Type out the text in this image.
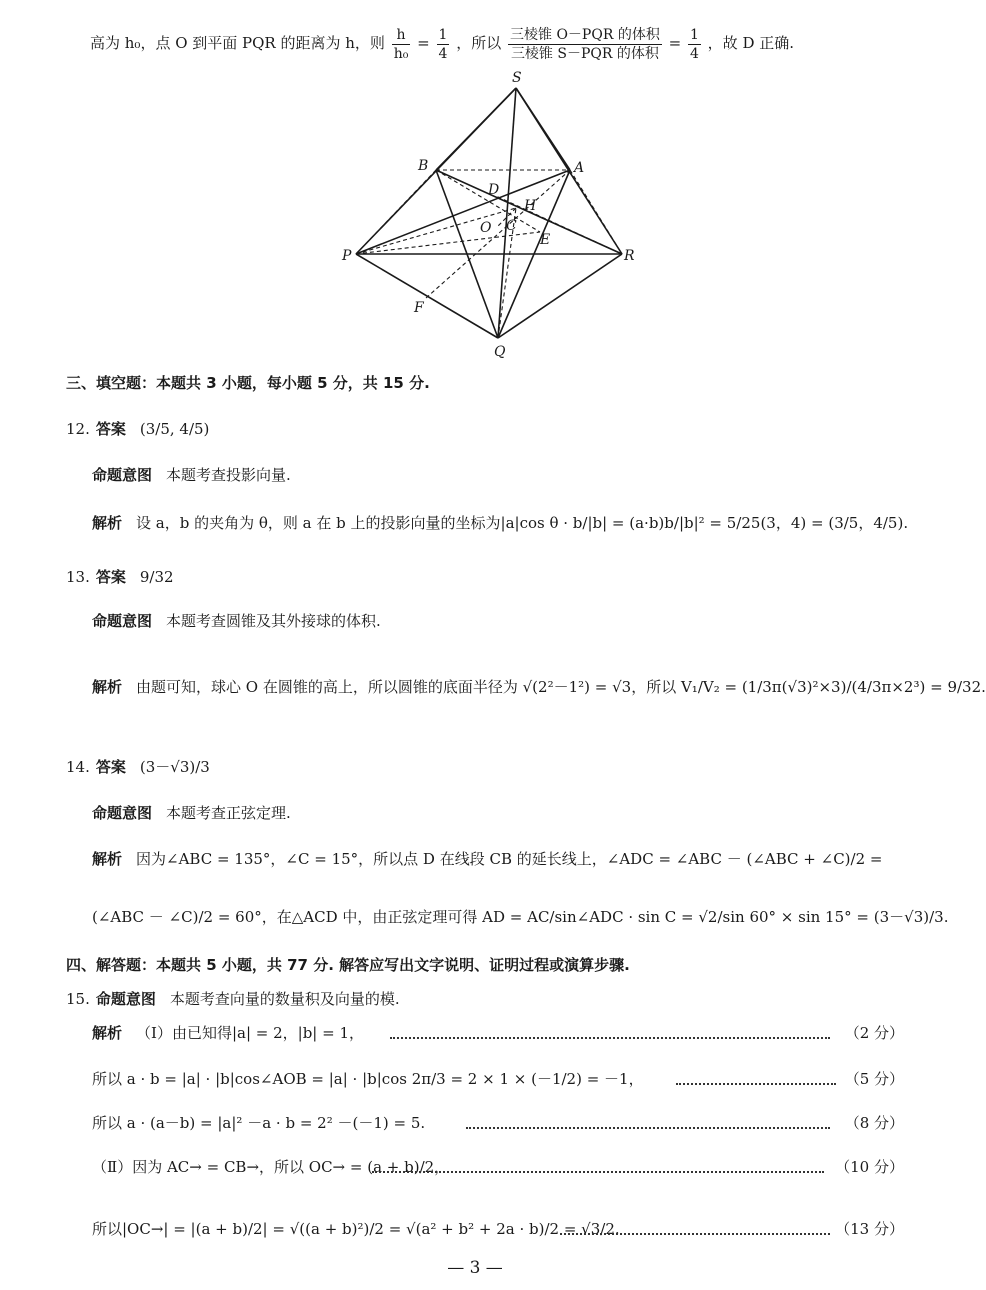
高为 h₀，点 O 到平面 PQR 的距离为 h，则 $\frac{h}{\text{h₀}} = \frac{1}{4}$ ，所以 $\frac{\text{三棱锥 O－PQR 的体积}}{\text{三棱锥 S－PQR 的体积}} = \frac{1}{4}$ ，故 D 正确.
S
B	A
D
H
O C
E
P	R
F
Q
三、填空题：本题共 3 小题，每小题 5 分，共 15 分.
12. 答案 (3/5, 4/5)
命题意图 本题考查投影向量.
解析 设 a，b 的夹角为 θ，则 a 在 b 上的投影向量的坐标为|a|cos θ · b/|b| = (a·b)b/|b|² = 5/25(3，4) = (3/5，4/5).
13. 答案 9/32
命题意图 本题考查圆锥及其外接球的体积.
解析 由题可知，球心 O 在圆锥的高上，所以圆锥的底面半径为 √(2²－1²) = √3，所以 V₁/V₂ = (1/3π(√3)²×3)/(4/3π×2³) = 9/32.
14. 答案 (3－√3)/3
命题意图 本题考查正弦定理.
解析 因为∠ABC = 135°，∠C = 15°，所以点 D 在线段 CB 的延长线上，∠ADC = ∠ABC － (∠ABC + ∠C)/2 =
(∠ABC － ∠C)/2 = 60°，在△ACD 中，由正弦定理可得 AD = AC/sin∠ADC · sin C = √2/sin 60° × sin 15° = (3－√3)/3.
四、解答题：本题共 5 小题，共 77 分. 解答应写出文字说明、证明过程或演算步骤.
15. 命题意图 本题考查向量的数量积及向量的模.
解析 （Ⅰ）由已知得|a| = 2，|b| = 1，	（2 分）
所以 a · b = |a| · |b|cos∠AOB = |a| · |b|cos 2π/3 = 2 × 1 × (－1/2) = －1，	（5 分）
所以 a · (a－b) = |a|² －a · b = 2² －(－1) = 5.	（8 分）
（Ⅱ）因为 AC→ = CB→，所以 OC→ = (a + b)/2，	（10 分）
所以|OC→| = |(a + b)/2| = √((a + b)²)/2 = √(a² + b² + 2a · b)/2 = √3/2.	（13 分）
— 3 —
